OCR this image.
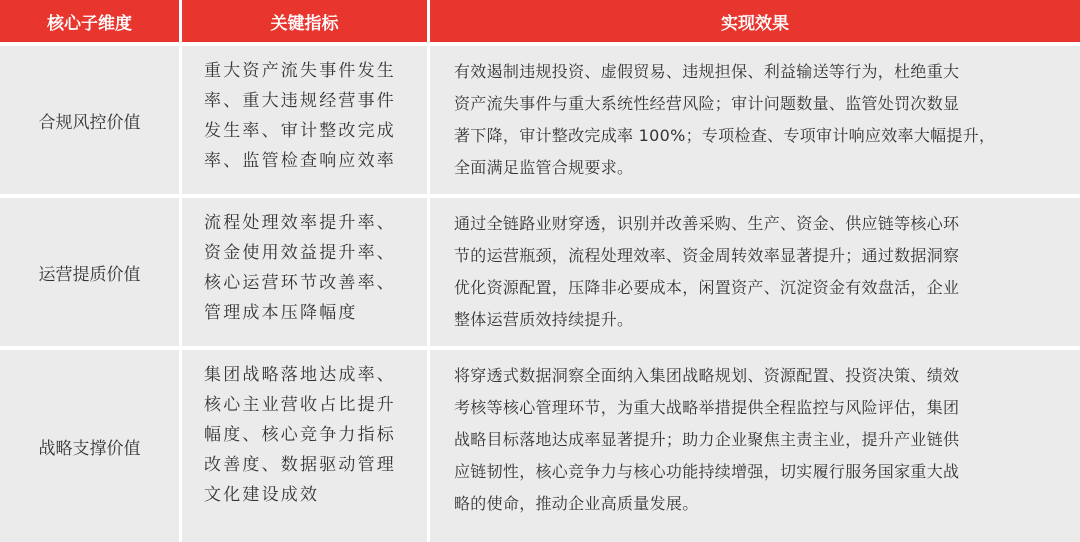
核心子维度	关键指标	实现效果
合规风控价值
重大资产流失事件发生
率、重大违规经营事件
发生率、审计整改完成
率、监管检查响应效率
有效遏制违规投资、虚假贸易、违规担保、利益输送等行为，杜绝重大
资产流失事件与重大系统性经营风险；审计问题数量、监管处罚次数显
著下降，审计整改完成率 100%；专项检查、专项审计响应效率大幅提升，
全面满足监管合规要求。
运营提质价值
流程处理效率提升率、
资金使用效益提升率、
核心运营环节改善率、
管理成本压降幅度
通过全链路业财穿透，识别并改善采购、生产、资金、供应链等核心环
节的运营瓶颈，流程处理效率、资金周转效率显著提升；通过数据洞察
优化资源配置，压降非必要成本，闲置资产、沉淀资金有效盘活，企业
整体运营质效持续提升。
战略支撑价值
集团战略落地达成率、
核心主业营收占比提升
幅度、核心竞争力指标
改善度、数据驱动管理
文化建设成效
将穿透式数据洞察全面纳入集团战略规划、资源配置、投资决策、绩效
考核等核心管理环节，为重大战略举措提供全程监控与风险评估，集团
战略目标落地达成率显著提升；助力企业聚焦主责主业，提升产业链供
应链韧性，核心竞争力与核心功能持续增强，切实履行服务国家重大战
略的使命，推动企业高质量发展。
